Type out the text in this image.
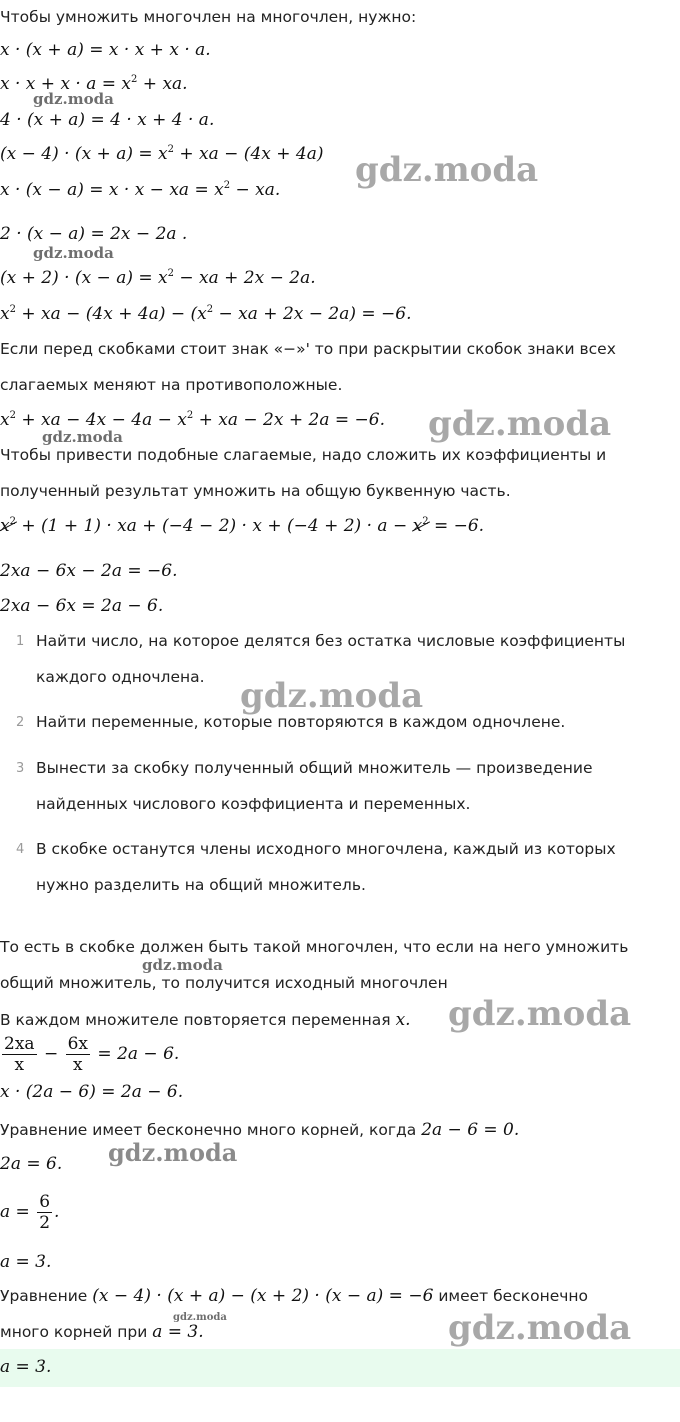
Чтобы умножить многочлен на многочлен, нужно:
x · (x + a) = x · x + x · a.
$x \cdot x + x \cdot a = x^2$ + xa.
4 · (x + a) = 4 · x + 4 · a.
$(x - 4) \cdot (x + a) = x^2$ + xa − (4x + 4a)
x · (x − a) = x · x − xa = $x^2$ − xa.
2 · (x − a) = 2x − 2a .
$(x + 2) \cdot (x - a) = x^2$ − xa + 2x − 2a.
$x^2$ + xa − $(4x + 4a) - (x^2$ − xa + 2x − 2a) = −6.
Если перед скобками стоит знак «−»' то при раскрытии скобок знаки всех
слагаемых меняют на противоположные.
$x^2$ + xa − $4x - 4a - x^2$ + xa − 2x + 2a = −6.
Чтобы привести подобные слагаемые, надо сложить их коэффициенты и
полученный результат умножить на общую буквенную часть.
$x^2 + (1 + 1)$ · xa + $(-4 - 2) \cdot x + (-4 + 2) \cdot a - x^2 = -6$.
2xa − 6x − 2a = −6.
2xa − 6x = 2a − 6.
1 Найти число, на которое делятся без остатка числовые коэффициенты
каждого одночлена.
2 Найти переменные, которые повторяются в каждом одночлене.
3 Вынести за скобку полученный общий множитель — произведение
найденных числового коэффициента и переменных.
4 В скобке останутся члены исходного многочлена, каждый из которых
нужно разделить на общий множитель.
То есть в скобке должен быть такой многочлен, что если на него умножить
общий множитель, то получится исходный многочлен
В каждом множителе повторяется переменная x.
$\frac{2xa}{x} - \frac{6x}{x} = 2a - 6$.
x · (2a − 6) = 2a − 6.
Уравнение имеет бесконечно много корней, когда 2a − 6 = 0.
2a = 6.
$a = \frac{6}{2}$ .
a = 3.
Уравнение (x − 4) · (x + a) − (x + 2) · (x − a) = −6 имеет бесконечно
много корней при a = 3.
a = 3.
gdz.moda
gdz.moda
gdz.moda
gdz.moda
gdz.moda
gdz.moda
gdz.moda
gdz.moda
gdz.moda
gdz.moda	gdz.moda
